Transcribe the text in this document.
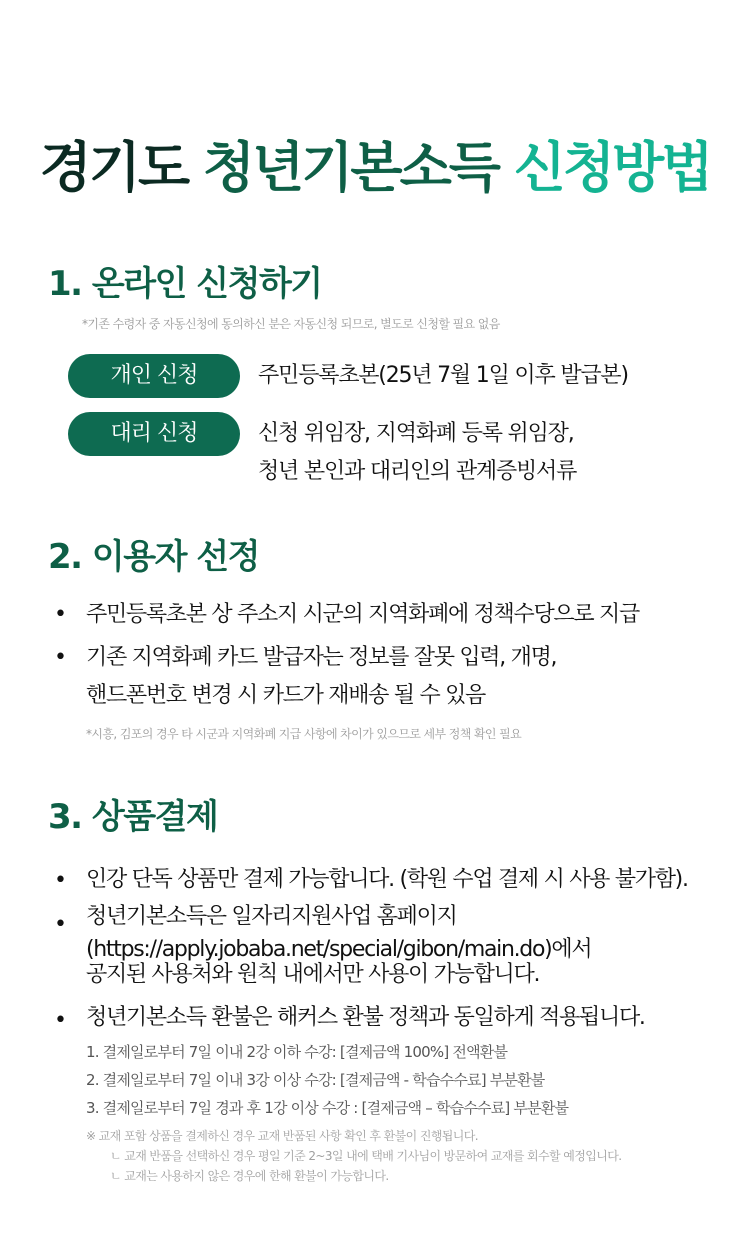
경기도 청년기본소득 신청방법
1. 온라인 신청하기
*기존 수령자 중 자동신청에 동의하신 분은 자동신청 되므로, 별도로 신청할 필요 없음
개인 신청	주민등록초본(25년 7월 1일 이후 발급본)
대리 신청	신청 위임장, 지역화폐 등록 위임장,
청년 본인과 대리인의 관계증빙서류
2. 이용자 선정
• 주민등록초본 상 주소지 시군의 지역화폐에 정책수당으로 지급
• 기존 지역화폐 카드 발급자는 정보를 잘못 입력, 개명,
핸드폰번호 변경 시 카드가 재배송 될 수 있음
*시흥, 김포의 경우 타 시군과 지역화폐 지급 사항에 차이가 있으므로 세부 정책 확인 필요
3. 상품결제
• 인강 단독 상품만 결제 가능합니다. (학원 수업 결제 시 사용 불가함).
• 청년기본소득은 일자리지원사업 홈페이지
(https://apply.jobaba.net/special/gibon/main.do)에서
공지된 사용처와 원칙 내에서만 사용이 가능합니다.
• 청년기본소득 환불은 해커스 환불 정책과 동일하게 적용됩니다.
1. 결제일로부터 7일 이내 2강 이하 수강: [결제금액 100%] 전액환불
2. 결제일로부터 7일 이내 3강 이상 수강: [결제금액 - 학습수수료] 부분환불
3. 결제일로부터 7일 경과 후 1강 이상 수강 : [결제금액 – 학습수수료] 부분환불
※ 교재 포함 상품을 결제하신 경우 교재 반품된 사항 확인 후 환불이 진행됩니다.
ㄴ 교재 반품을 선택하신 경우 평일 기준 2~3일 내에 택배 기사님이 방문하여 교재를 회수할 예정입니다.
ㄴ 교재는 사용하지 않은 경우에 한해 환불이 가능합니다.
